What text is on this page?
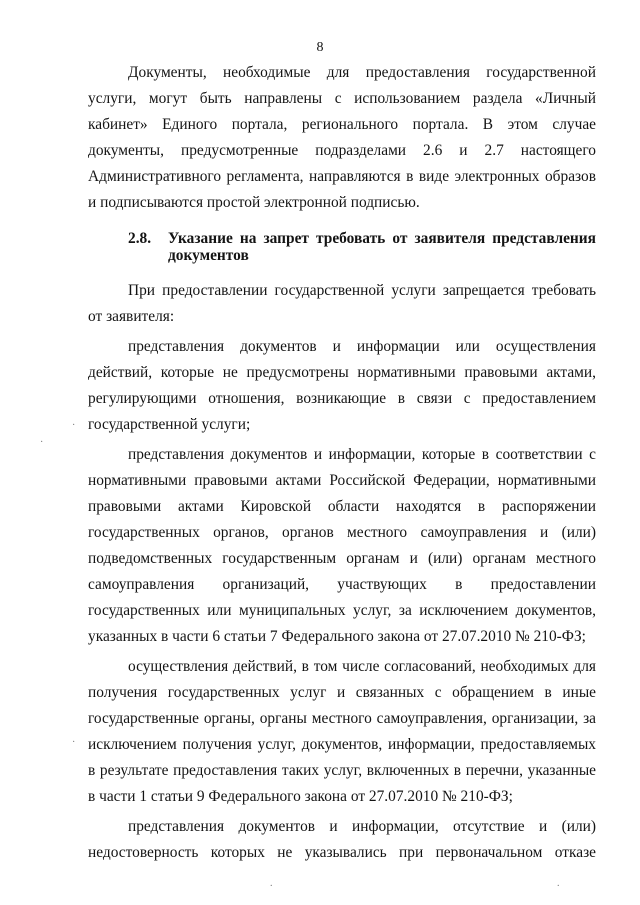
8

Документы, необходимые для предоставления государственной услуги, могут быть направлены с использованием раздела «Личный кабинет» Единого портала, регионального портала. В этом случае документы, предусмотренные подразделами 2.6 и 2.7 настоящего Административного регламента, направляются в виде электронных образов и подписываются простой электронной подписью.

2.8.	Указание на запрет требовать от заявителя представления документов

При предоставлении государственной услуги запрещается требовать

от заявителя:

представления документов и информации или осуществления действий, которые не предусмотрены нормативными правовыми актами, регулирующими отношения, возникающие в связи с предоставлением государственной услуги;

представления документов и информации, которые в соответствии с нормативными правовыми актами Российской Федерации, нормативными правовыми актами Кировской области находятся в распоряжении государственных органов, органов местного самоуправления и (или) подведомственных государственным органам и (или) органам местного самоуправления организаций, участвующих в предоставлении государственных или муниципальных услуг, за исключением документов, указанных в части 6 статьи 7 Федерального закона от 27.07.2010 № 210-ФЗ;

осуществления действий, в том числе согласований, необходимых для получения государственных услуг и связанных с обращением в иные государственные органы, органы местного самоуправления, организации, за исключением получения услуг, документов, информации, предоставляемых в результате предоставления таких услуг, включенных в перечни, указанные в части 1 статьи 9 Федерального закона от 27.07.2010 № 210-ФЗ;

представления документов и информации, отсутствие и (или) недостоверность которых не указывались при первоначальном отказе

·
·
·
.	.
